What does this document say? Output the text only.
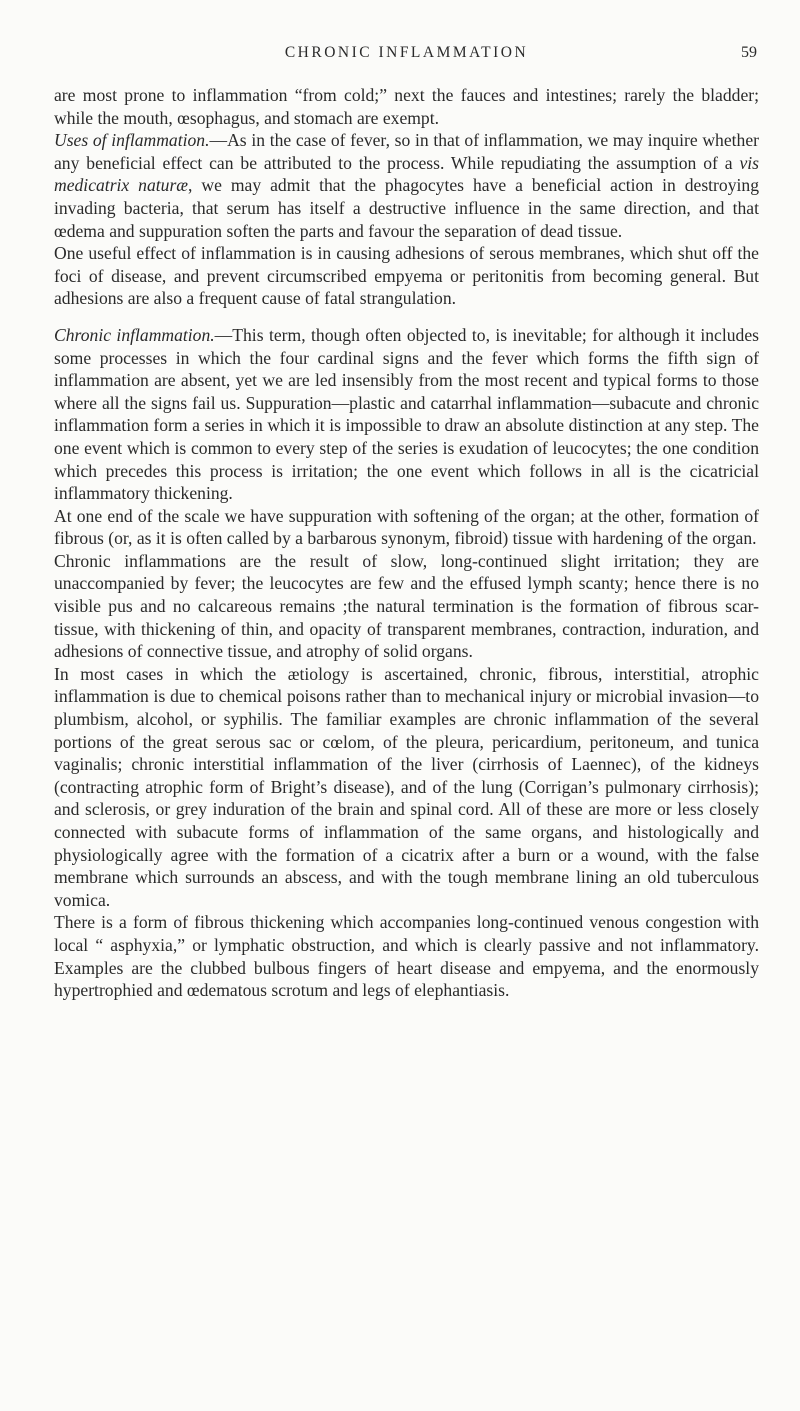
CHRONIC INFLAMMATION	59

are most prone to inflammation “from cold;” next the fauces and intestines; rarely the bladder; while the mouth, œsophagus, and stomach are exempt.

Uses of inflammation.—As in the case of fever, so in that of inflammation, we may inquire whether any beneficial effect can be attributed to the process. While repudiating the assumption of a vis medicatrix naturæ, we may admit that the phagocytes have a beneficial action in destroying invading bacteria, that serum has itself a destructive influence in the same direction, and that œdema and suppuration soften the parts and favour the separation of dead tissue.

One useful effect of inflammation is in causing adhesions of serous membranes, which shut off the foci of disease, and prevent circumscribed empyema or peritonitis from becoming general. But adhesions are also a frequent cause of fatal strangulation.

Chronic inflammation.—This term, though often objected to, is inevitable; for although it includes some processes in which the four cardinal signs and the fever which forms the fifth sign of inflammation are absent, yet we are led insensibly from the most recent and typical forms to those where all the signs fail us. Suppuration—plastic and catarrhal inflammation—subacute and chronic inflammation form a series in which it is impossible to draw an absolute distinction at any step. The one event which is common to every step of the series is exudation of leucocytes; the one condition which precedes this process is irritation; the one event which follows in all is the cicatricial inflammatory thickening.

At one end of the scale we have suppuration with softening of the organ; at the other, formation of fibrous (or, as it is often called by a barbarous synonym, fibroid) tissue with hardening of the organ.

Chronic inflammations are the result of slow, long-continued slight irritation; they are unaccompanied by fever; the leucocytes are few and the effused lymph scanty; hence there is no visible pus and no calcareous remains ;the natural termination is the formation of fibrous scar-tissue, with thickening of thin, and opacity of transparent membranes, contraction, induration, and adhesions of connective tissue, and atrophy of solid organs.

In most cases in which the ætiology is ascertained, chronic, fibrous, interstitial, atrophic inflammation is due to chemical poisons rather than to mechanical injury or microbial invasion—to plumbism, alcohol, or syphilis. The familiar examples are chronic inflammation of the several portions of the great serous sac or cœlom, of the pleura, pericardium, peritoneum, and tunica vaginalis; chronic interstitial inflammation of the liver (cirrhosis of Laennec), of the kidneys (contracting atrophic form of Bright’s disease), and of the lung (Corrigan’s pulmonary cirrhosis); and sclerosis, or grey induration of the brain and spinal cord. All of these are more or less closely connected with subacute forms of inflammation of the same organs, and histologically and physiologically agree with the formation of a cicatrix after a burn or a wound, with the false membrane which surrounds an abscess, and with the tough membrane lining an old tuberculous vomica.

There is a form of fibrous thickening which accompanies long-continued venous congestion with local “ asphyxia,” or lymphatic obstruction, and which is clearly passive and not inflammatory. Examples are the clubbed bulbous fingers of heart disease and empyema, and the enormously hypertrophied and œdematous scrotum and legs of elephantiasis.
